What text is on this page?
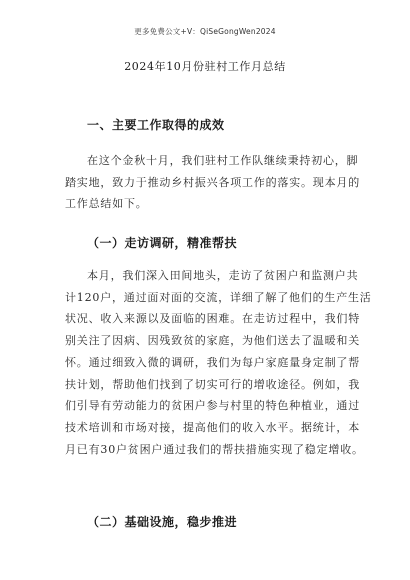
更多免费公文+V：QiSeGongWen2024
2024年10月份驻村工作月总结
一、主要工作取得的成效
在这个金秋十月，我们驻村工作队继续秉持初心，脚
踏实地，致力于推动乡村振兴各项工作的落实。现本月的
工作总结如下。
（一）走访调研，精准帮扶
本月，我们深入田间地头，走访了贫困户和监测户共
计120户，通过面对面的交流，详细了解了他们的生产生活
状况、收入来源以及面临的困难。在走访过程中，我们特
别关注了因病、因残致贫的家庭，为他们送去了温暖和关
怀。通过细致入微的调研，我们为每户家庭量身定制了帮
扶计划，帮助他们找到了切实可行的增收途径。例如，我
们引导有劳动能力的贫困户参与村里的特色种植业，通过
技术培训和市场对接，提高他们的收入水平。据统计，本
月已有30户贫困户通过我们的帮扶措施实现了稳定增收。
（二）基础设施，稳步推进
